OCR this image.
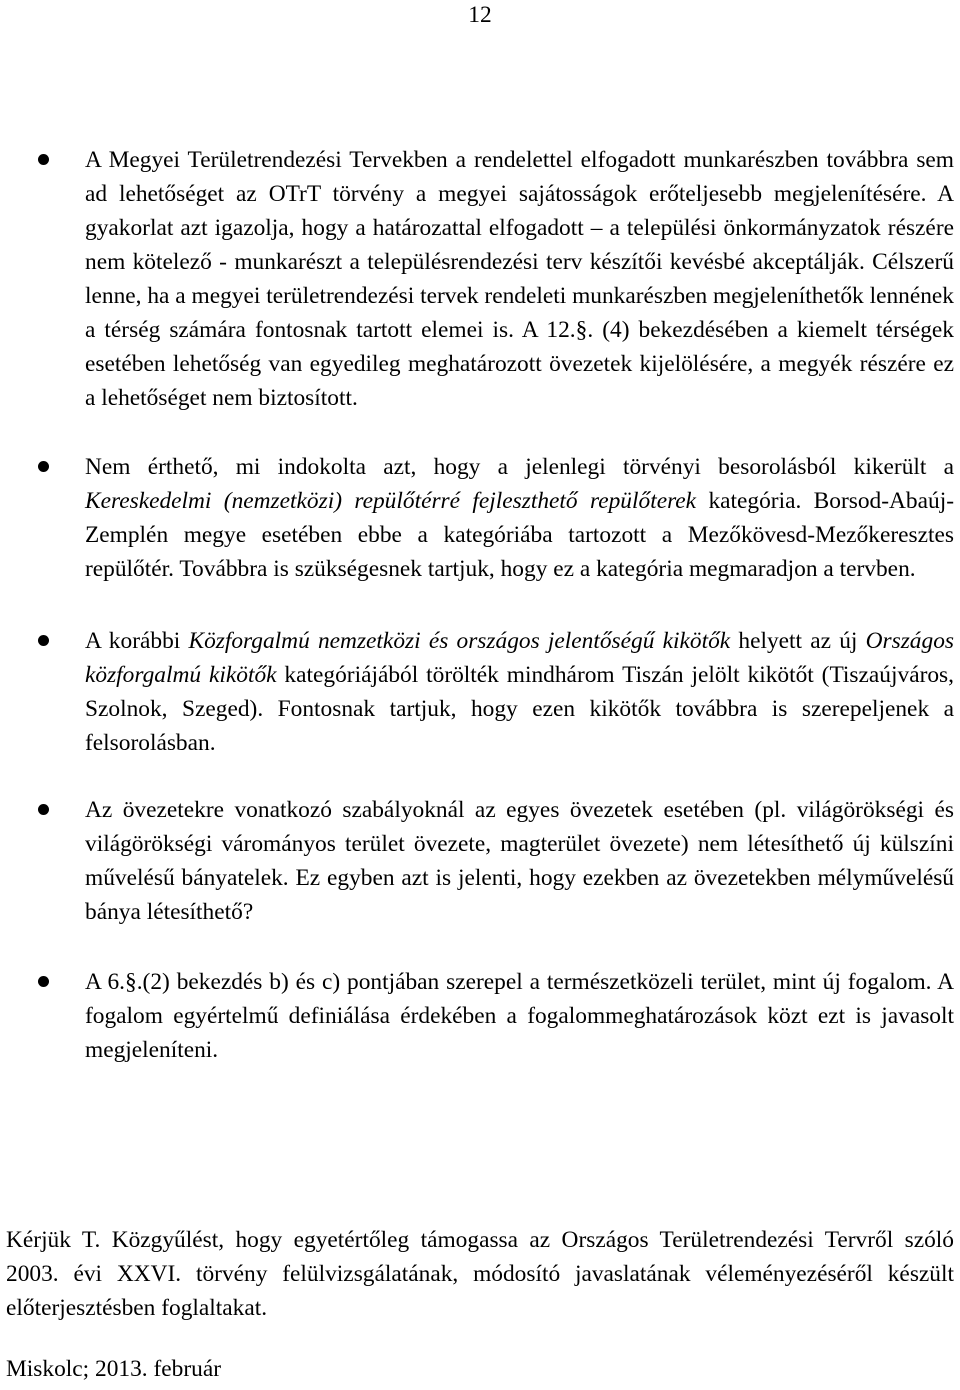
12
A Megyei Területrendezési Tervekben a rendelettel elfogadott munkarészben továbbra sem ad lehetőséget az OTrT törvény a megyei sajátosságok erőteljesebb megjelenítésére. A gyakorlat azt igazolja, hogy a határozattal elfogadott – a települési önkormányzatok részére nem kötelező - munkarészt a településrendezési terv készítői kevésbé akceptálják. Célszerű lenne, ha a megyei területrendezési tervek rendeleti munkarészben megjeleníthetők lennének a térség számára fontosnak tartott elemei is. A 12.§. (4) bekezdésében a kiemelt térségek esetében lehetőség van egyedileg meghatározott övezetek kijelölésére, a megyék részére ez a lehetőséget nem biztosított.
Nem érthető, mi indokolta azt, hogy a jelenlegi törvényi besorolásból kikerült a Kereskedelmi (nemzetközi) repülőtérré fejleszthető repülőterek kategória. Borsod-Abaúj-Zemplén megye esetében ebbe a kategóriába tartozott a Mezőkövesd-Mezőkeresztes repülőtér. Továbbra is szükségesnek tartjuk, hogy ez a kategória megmaradjon a tervben.
A korábbi Közforgalmú nemzetközi és országos jelentőségű kikötők helyett az új Országos közforgalmú kikötők kategóriájából törölték mindhárom Tiszán jelölt kikötőt (Tiszaújváros, Szolnok, Szeged). Fontosnak tartjuk, hogy ezen kikötők továbbra is szerepeljenek a felsorolásban.
Az övezetekre vonatkozó szabályoknál az egyes övezetek esetében (pl. világörökségi és világörökségi várományos terület övezete, magterület övezete) nem létesíthető új külszíni művelésű bányatelek. Ez egyben azt is jelenti, hogy ezekben az övezetekben mélyművelésű bánya létesíthető?
A 6.§.(2) bekezdés b) és c) pontjában szerepel a természetközeli terület, mint új fogalom. A fogalom egyértelmű definiálása érdekében a fogalommeghatározások közt ezt is javasolt megjeleníteni.
Kérjük T. Közgyűlést, hogy egyetértőleg támogassa az Országos Területrendezési Tervről szóló 2003. évi XXVI. törvény felülvizsgálatának, módosító javaslatának véleményezéséről készült előterjesztésben foglaltakat.
Miskolc; 2013. február
